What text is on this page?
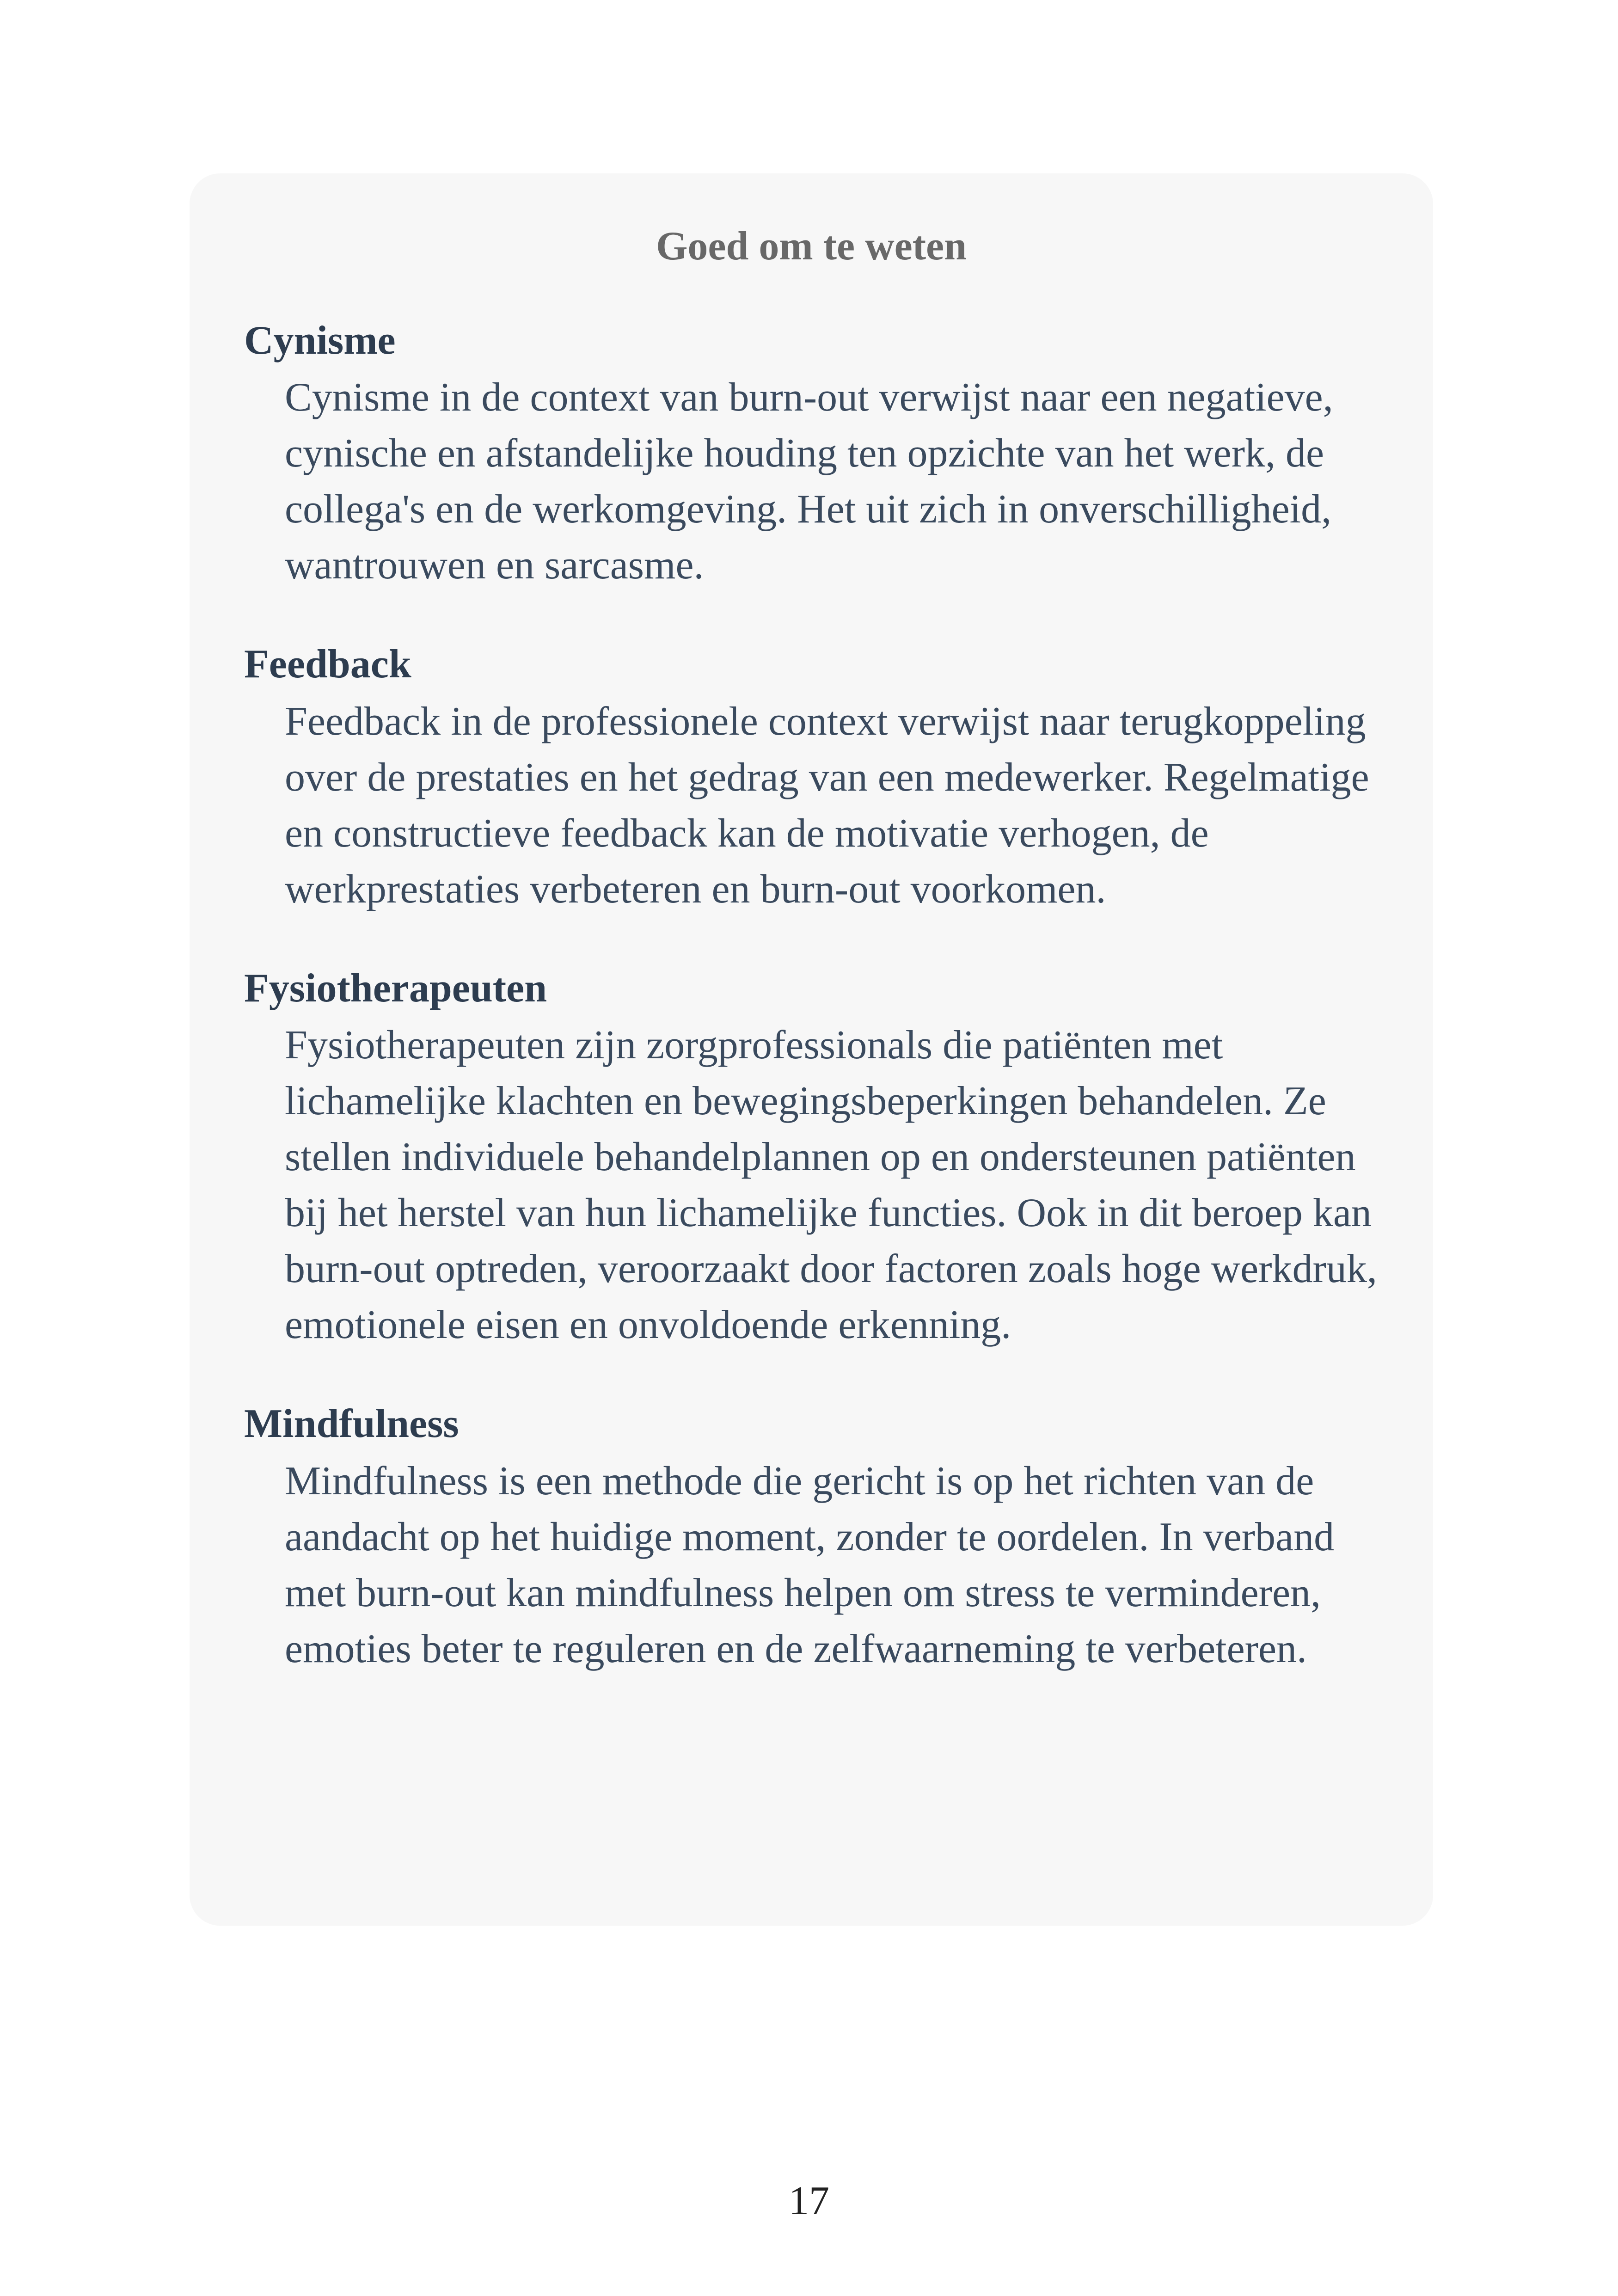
Goed om te weten
Cynisme
Cynisme in de context van burn-out verwijst naar een negatieve, cynische en afstandelijke houding ten opzichte van het werk, de collega's en de werkomgeving. Het uit zich in onverschilligheid, wantrouwen en sarcasme.
Feedback
Feedback in de professionele context verwijst naar terugkoppeling over de prestaties en het gedrag van een medewerker. Regelmatige en constructieve feedback kan de motivatie verhogen, de werkprestaties verbeteren en burn-out voorkomen.
Fysiotherapeuten
Fysiotherapeuten zijn zorgprofessionals die patiënten met lichamelijke klachten en bewegingsbeperkingen behandelen. Ze stellen individuele behandelplannen op en ondersteunen patiënten bij het herstel van hun lichamelijke functies. Ook in dit beroep kan burn-out optreden, veroorzaakt door factoren zoals hoge werkdruk, emotionele eisen en onvoldoende erkenning.
Mindfulness
Mindfulness is een methode die gericht is op het richten van de aandacht op het huidige moment, zonder te oordelen. In verband met burn-out kan mindfulness helpen om stress te verminderen, emoties beter te reguleren en de zelfwaarneming te verbeteren.
17
